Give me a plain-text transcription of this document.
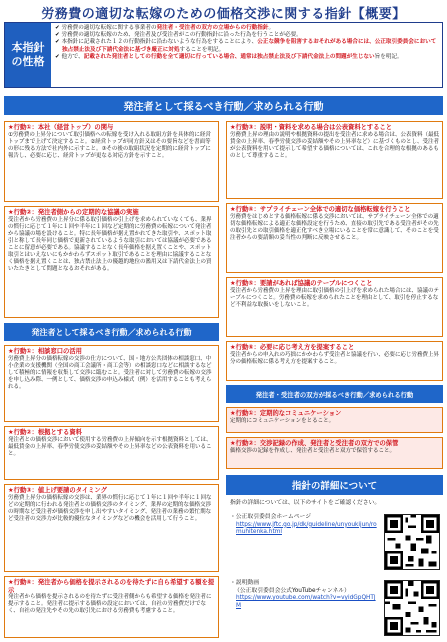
労務費の適切な転嫁のための価格交渉に関する指針【概要】
本指針の性格
✔ 労務費の適切な転嫁に関する事業者の発注者・受注者の双方の立場からの行動指針。
✔ 労務費の適切な転嫁のため、発注者及び受注者がこの行動指針に沿った行為を行うことが必要。
✔ 本指針に記載された１２の行動指針に沿わないような行為をすることにより、公正な競争を阻害するおそれがある場合には、公正取引委員会において独占禁止法及び下請代金法に基づき厳正に対処することを明記。
✔ 他方で、記載された発注者としての行動を全て適切に行っている場合、通常は独占禁止法及び下請代金法上の問題が生じない旨を明記。
発注者として採るべき行動／求められる行動
★行動①：本社（経営トップ）の関与
①労務費の上昇分について取引価格への転嫁を受け入れる取組方針を具体的に経営トップまで上げて決定すること。②経営トップが同方針又はその要旨などを書面等の形に残る方法で社内外に示すこと。③その後の取組状況を定期的に経営トップに報告し、必要に応じ、経営トップが更なる対応方針を示すこと。
★行動②：発注者側からの定期的な協議の実施
受注者から労務費の上昇分に係る取引価格の引上げを求められていなくても、業界の慣行に応じて１年に１回や半年に１回など定期的に労務費の転嫁について発注者から協議の場を設けること。特に長年価格が据え置かれてきた取引や、スポット取引と称して長年同じ価格で更新されているような取引においては協議が必要であることに留意が必要である。協議することなく長年価格を据え置くことや、スポット取引とはいえないにもかかわらずスポット取引であることを理由に協議することなく価格を据え置くことは、独占禁止法上の優越的地位の濫用又は下請代金法上の買いたたきとして問題となるおそれがある。
★行動③：説明・資料を求める場合は公表資料とすること
労務費上昇の理由の説明や根拠資料の提出を受注者に求める場合は、公表資料（最低賃金の上昇率、春季労使交渉の妥結額やその上昇率など）に基づくものとし、受注者が公表資料を用いて提示して希望する価格については、これを合理的な根拠のあるものとして尊重すること。
★行動④：サプライチェーン全体での適切な価格転嫁を行うこと
労務費をはじめとする価格転嫁に係る交渉においては、サプライチェーン全体での適切な価格転嫁による適正な価格設定を行うため、直接の取引先である受注者がその先の取引先との取引価格を適正化すべき立場にいることを常に意識して、そのことを受注者からの要請額の妥当性の判断に反映させること。
★行動⑤：要請があれば協議のテーブルにつくこと
受注者から労務費の上昇を理由に取引価格の引上げを求められた場合には、協議のテーブルにつくこと。労務費の転嫁を求められたことを理由として、取引を停止するなど不利益な取扱いをしないこと。
★行動⑥：必要に応じ考え方を提案すること
受注者からの申入れの巧拙にかかわらず受注者と協議を行い、必要に応じ労務費上昇分の価格転嫁に係る考え方を提案すること。
発注者として採るべき行動／求められる行動
★行動①：相談窓口の活用
労務費上昇分の価格転嫁の交渉の仕方について、国・地方公共団体の相談窓口、中小企業の支援機関（全国の商工会議所・商工会等）の相談窓口などに相談するなどして積極的に情報を収集して交渉に臨むこと。受注者に対して労務費の転嫁の交渉を申し込み際、一例として、価格交渉の申込み様式（例）を活用することも考えられる。
★行動②：根拠とする資料
発注者との価格交渉において使用する労務費の上昇傾向を示す根拠資料としては、最低賃金の上昇率、春季労使交渉の妥結額やその上昇率などの公表資料を用いること。
★行動③：値上げ要請のタイミング
労務費上昇分の価格転嫁の交渉は、業界の慣行に応じて１年に１回や半年に１回などの定期的に行われる発注者との価格交渉のタイミング、業界の定期的な価格交渉の時期など受注者が価格交渉を申し出やすいタイミング、発注者の業務の繁忙期など受注者の交渉力が比較的優位なタイミングなどの機会を活用して行うこと。
★行動④：発注者から価格を提示されるのを待たずに自ら希望する額を提示
発注者から価格を提示されるのを待たずに受注者側からも希望する価格を発注者に提示すること。発注者に提示する価格の設定においては、自社の労務費だけでなく、自社の発注先やその先の取引先における労務費も考慮すること。
発注者・受注者の双方が採るべき行動／求められる行動
★行動①：定期的なコミュニケーション
定期的にコミュニケーションをとること。
★行動②：交渉記録の作成、発注者と受注者の双方での保管
価格交渉の記録を作成し、発注者と受注者と双方で保管すること。
指針の詳細について
指針の詳細については、以下のサイトをご確認ください。
・公正取引委員会ホームページ
https://www.jftc.go.jp/dk/guideline/unyoukijun/romuhitenka.html
・説明動画
（公正取引委員会公式YouTubeチャンネル）
https://www.youtube.com/watch?v=vyidGpQHTJM
